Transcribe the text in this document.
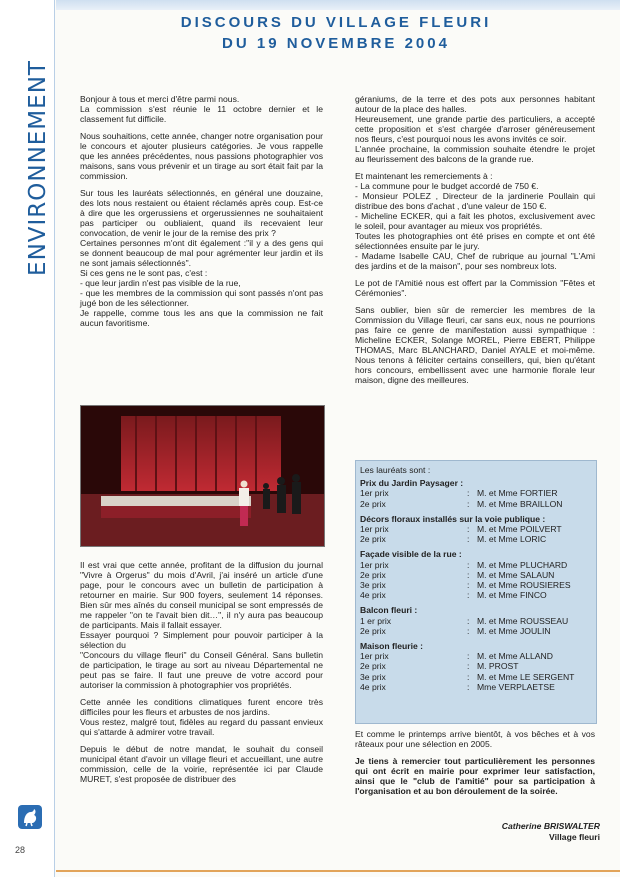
DISCOURS DU VILLAGE FLEURI
DU 19 NOVEMBRE 2004
ENVIRONNEMENT
28

Bonjour à tous et merci d'être parmi nous.
La commission s'est réunie le 11 octobre dernier et le classement fut difficile.

Nous souhaitions, cette année, changer notre organisation pour le concours et ajouter plusieurs catégories. Je vous rappelle que les années précédentes, nous passions photographier vos maisons, sans vous prévenir et un tirage au sort était fait par la commission.

Sur tous les lauréats sélectionnés, en général une douzaine, des lots nous restaient ou étaient réclamés après coup. Est-ce à dire que les orgerussiens et orgerussiennes ne souhaitaient pas participer ou oubliaient, quand ils recevaient leur convocation, de venir le jour de la remise des prix ?

Certaines personnes m'ont dit également :"il y a des gens qui se donnent beaucoup de mal pour agrémenter leur jardin et ils ne sont jamais sélectionnés".
Si ces gens ne le sont pas, c'est :
- que leur jardin n'est pas visible de la rue,
- que les membres de la commission qui sont passés n'ont pas jugé bon de les sélectionner.
Je rappelle, comme tous les ans que la commission ne fait aucun favoritisme.

Il est vrai que cette année, profitant de la diffusion du journal "Vivre à Orgerus" du mois d'Avril, j'ai inséré un article d'une page, pour le concours avec un bulletin de participation à retourner en mairie. Sur 900 foyers, seulement 14 réponses. Bien sûr mes aînés du conseil municipal se sont empressés de me rappeler "on te l'avait bien dit…", il n'y aura pas beaucoup de participants. Mais il fallait essayer.
Essayer pourquoi ? Simplement pour pouvoir participer à la sélection du
"Concours du village fleuri" du Conseil Général. Sans bulletin de participation, le tirage au sort au niveau Départemental ne peut pas se faire. Il faut une preuve de votre accord pour autoriser la commission à photographier vos propriétés.

Cette année les conditions climatiques furent encore très difficiles pour les fleurs et arbustes de nos jardins.
Vous restez, malgré tout, fidèles au regard du passant envieux qui s'attarde à admirer votre travail.

Depuis le début de notre mandat, le souhait du conseil municipal étant d'avoir un village fleuri et accueillant, une autre commission, celle de la voirie, représentée ici par Claude MURET, s'est proposée de distribuer des

géraniums, de la terre et des pots aux personnes habitant autour de la place des halles.
Heureusement, une grande partie des particuliers, a accepté cette proposition et s'est chargée d'arroser généreusement nos fleurs, c'est pourquoi nous les avons invités ce soir.
L'année prochaine, la commission souhaite étendre le projet au fleurissement des balcons de la grande rue.

Et maintenant les remerciements à :
- La commune pour le budget accordé de 750 €.
- Monsieur POLEZ , Directeur de la jardinerie Poullain qui distribue des bons d'achat , d'une valeur de 150 €.
- Micheline ECKER, qui a fait les photos, exclusivement avec le soleil, pour avantager au mieux vos propriétés.
Toutes les photographies ont été prises en compte et ont été sélectionnées ensuite par le jury.
- Madame Isabelle CAU, Chef de rubrique au journal "L'Ami des jardins et de la maison", pour ses nombreux lots.

Le pot de l'Amitié nous est offert par la Commission "Fêtes et Cérémonies".

Sans oublier, bien sûr de remercier les membres de la Commission du Village fleuri, car sans eux, nous ne pourrions pas faire ce genre de manifestation aussi sympathique : Micheline ECKER, Solange MOREL, Pierre EBERT, Philippe THOMAS, Marc BLANCHARD, Daniel AYALE et moi-même. Nous tenons à féliciter certains conseillers, qui, bien qu'étant hors concours, embellissent avec une harmonie florale leur maison, digne des meilleures.

Les lauréats sont :
Prix du Jardin Paysager :
1er prix	: M. et Mme FORTIER
2e prix	: M. et Mme BRAILLON
Décors floraux installés sur la voie publique :
1er prix	: M. et Mme POILVERT
2e prix	: M. et Mme LORIC
Façade visible de la rue :
1er prix	: M. et Mme PLUCHARD
2e prix	: M. et Mme SALAUN
3e prix	: M. et Mme ROUSIERES
4e prix	: M. et Mme FINCO
Balcon fleuri :
1 er prix	: M. et Mme ROUSSEAU
2e prix	: M. et Mme JOULIN
Maison fleurie :
1er prix	: M. et Mme ALLAND
2e prix	: M. PROST
3e prix	: M. et Mme LE SERGENT
4e prix	: Mme VERPLAETSE

Et comme le printemps arrive bientôt, à vos bêches et à vos râteaux pour une sélection en 2005.

Je tiens à remercier tout particulièrement les personnes qui ont écrit en mairie pour exprimer leur satisfaction, ainsi que le "club de l'amitié" pour sa participation à l'organisation et au bon déroulement de la soirée.

Catherine BRISWALTER
Village fleuri
